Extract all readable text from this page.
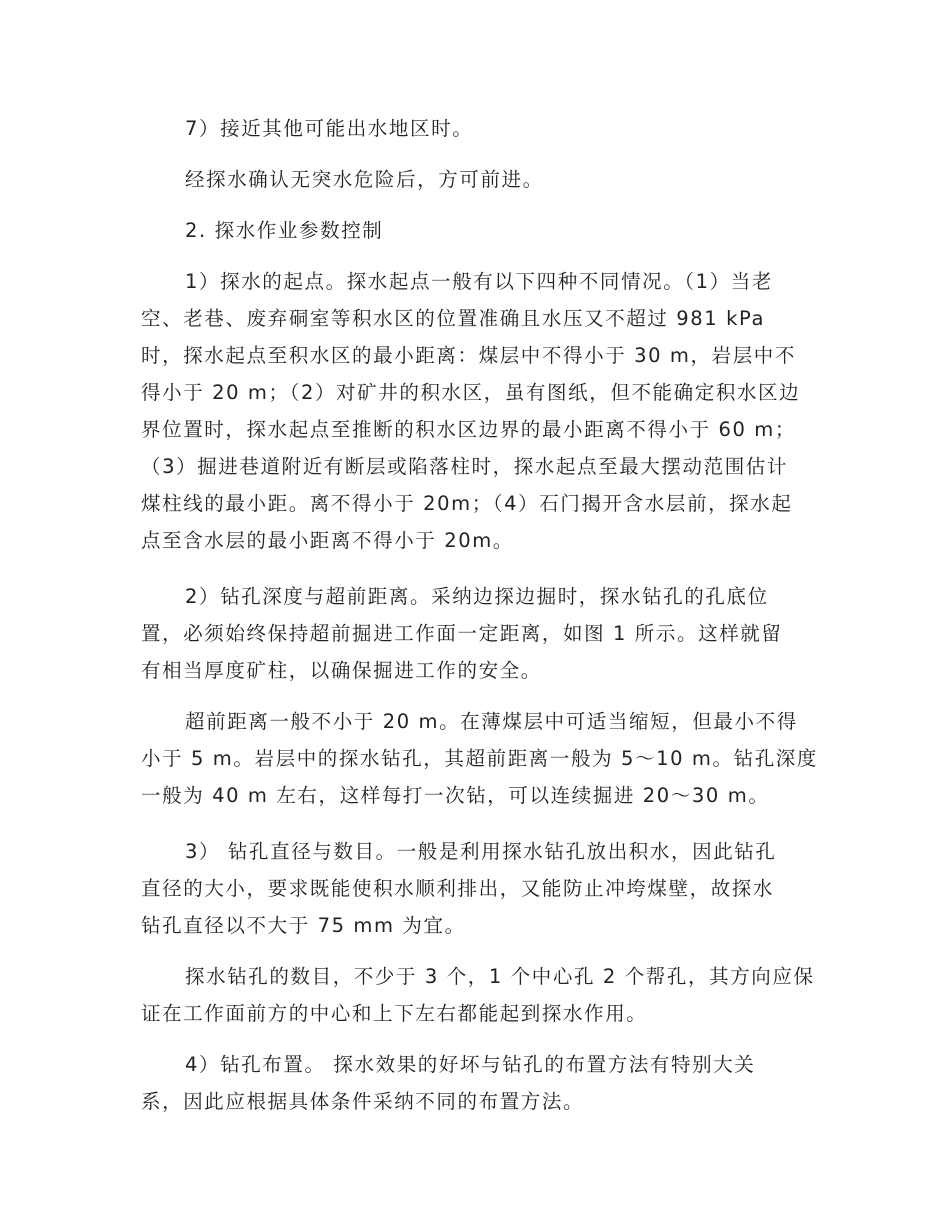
7）接近其他可能出水地区时。

经探水确认无突水危险后，方可前进。

2. 探水作业参数控制

1）探水的起点。探水起点一般有以下四种不同情况。（1）当老
空、老巷、废弃硐室等积水区的位置准确且水压又不超过 981 kPa
时，探水起点至积水区的最小距离：煤层中不得小于 30 m，岩层中不
得小于 20 m；（2）对矿井的积水区，虽有图纸，但不能确定积水区边
界位置时，探水起点至推断的积水区边界的最小距离不得小于 60 m；
（3）掘进巷道附近有断层或陷落柱时，探水起点至最大摆动范围估计
煤柱线的最小距。离不得小于 20m；（4）石门揭开含水层前，探水起
点至含水层的最小距离不得小于 20m。

2）钻孔深度与超前距离。采纳边探边掘时，探水钻孔的孔底位
置，必须始终保持超前掘进工作面一定距离，如图 1 所示。这样就留
有相当厚度矿柱，以确保掘进工作的安全。

超前距离一般不小于 20 m。在薄煤层中可适当缩短，但最小不得
小于 5 m。岩层中的探水钻孔，其超前距离一般为 5～10 m。钻孔深度
一般为 40 m 左右，这样每打一次钻，可以连续掘进 20～30 m。

3） 钻孔直径与数目。一般是利用探水钻孔放出积水，因此钻孔
直径的大小，要求既能使积水顺利排出，又能防止冲垮煤壁，故探水
钻孔直径以不大于 75 mm 为宜。

探水钻孔的数目，不少于 3 个，1 个中心孔 2 个帮孔，其方向应保
证在工作面前方的中心和上下左右都能起到探水作用。

4）钻孔布置。 探水效果的好坏与钻孔的布置方法有特别大关
系，因此应根据具体条件采纳不同的布置方法。
